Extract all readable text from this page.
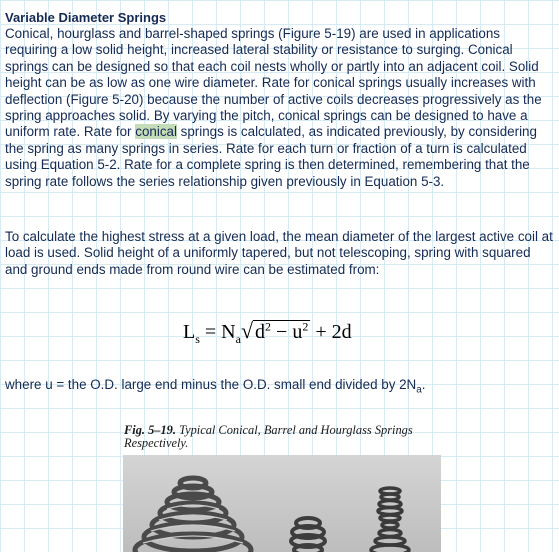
Variable Diameter Springs

Conical, hourglass and barrel-shaped springs (Figure 5-19) are used in applications requiring a low solid height, increased lateral stability or resistance to surging. Conical springs can be designed so that each coil nests wholly or partly into an adjacent coil. Solid height can be as low as one wire diameter. Rate for conical springs usually increases with deflection (Figure 5-20) because the number of active coils decreases progressively as the spring approaches solid. By varying the pitch, conical springs can be designed to have a uniform rate. Rate for conical springs is calculated, as indicated previously, by considering the spring as many springs in series. Rate for each turn or fraction of a turn is calculated using Equation 5-2. Rate for a complete spring is then determined, remembering that the spring rate follows the series relationship given previously in Equation 5-3.

To calculate the highest stress at a given load, the mean diameter of the largest active coil at load is used. Solid height of a uniformly tapered, but not telescoping, spring with squared and ground ends made from round wire can be estimated from:

$L_s = N_a√$ $d^2 - u^2 + 2d$
where u = the O.D. large end minus the O.D. small end divided by $2N_a$.
Fig. 5–19. Typical Conical, Barrel and Hourglass Springs Respectively.
